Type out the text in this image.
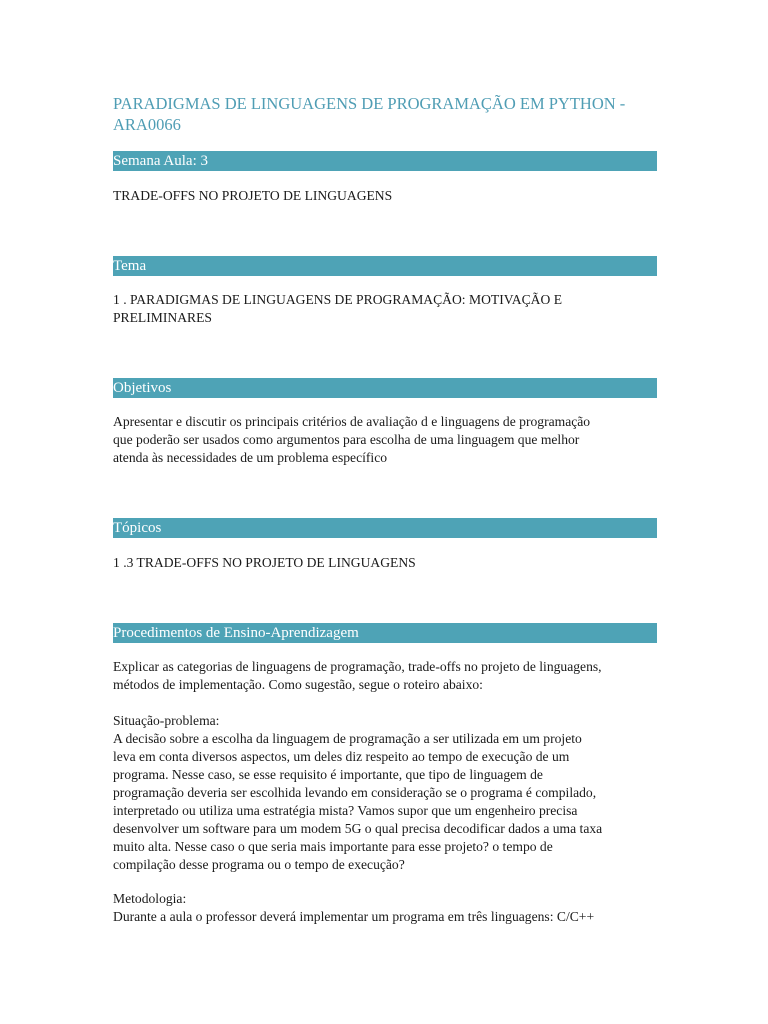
PARADIGMAS DE LINGUAGENS DE PROGRAMAÇÃO EM PYTHON - ARA0066
Semana Aula: 3

TRADE-OFFS NO PROJETO DE LINGUAGENS

Tema

1 . PARADIGMAS DE LINGUAGENS DE PROGRAMAÇÃO: MOTIVAÇÃO E

PRELIMINARES

Objetivos

Apresentar e discutir os principais critérios de avaliação d e linguagens de programação

que poderão ser usados como argumentos para escolha de uma linguagem que melhor

atenda às necessidades de um problema específico

Tópicos

1 .3 TRADE-OFFS NO PROJETO DE LINGUAGENS

Procedimentos de Ensino-Aprendizagem

Explicar as categorias de linguagens de programação, trade-offs no projeto de linguagens,

métodos de implementação. Como sugestão, segue o roteiro abaixo:

Situação-problema:

A decisão sobre a escolha da linguagem de programação a ser utilizada em um projeto

leva em conta diversos aspectos, um deles diz respeito ao tempo de execução de um

programa. Nesse caso, se esse requisito é importante, que tipo de linguagem de

programação deveria ser escolhida levando em consideração se o programa é compilado,

interpretado ou utiliza uma estratégia mista? Vamos supor que um engenheiro precisa

desenvolver um software para um modem 5G o qual precisa decodificar dados a uma taxa

muito alta. Nesse caso o que seria mais importante para esse projeto? o tempo de

compilação desse programa ou o tempo de execução?

Metodologia:

Durante a aula o professor deverá implementar um programa em três linguagens: C/C++
